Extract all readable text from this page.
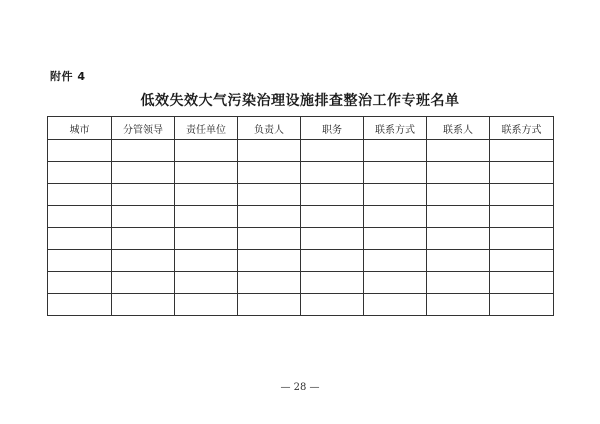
附件 4
低效失效大气污染治理设施排查整治工作专班名单
城市	分管领导	责任单位	负责人	职务	联系方式	联系人	联系方式

— 28 —
